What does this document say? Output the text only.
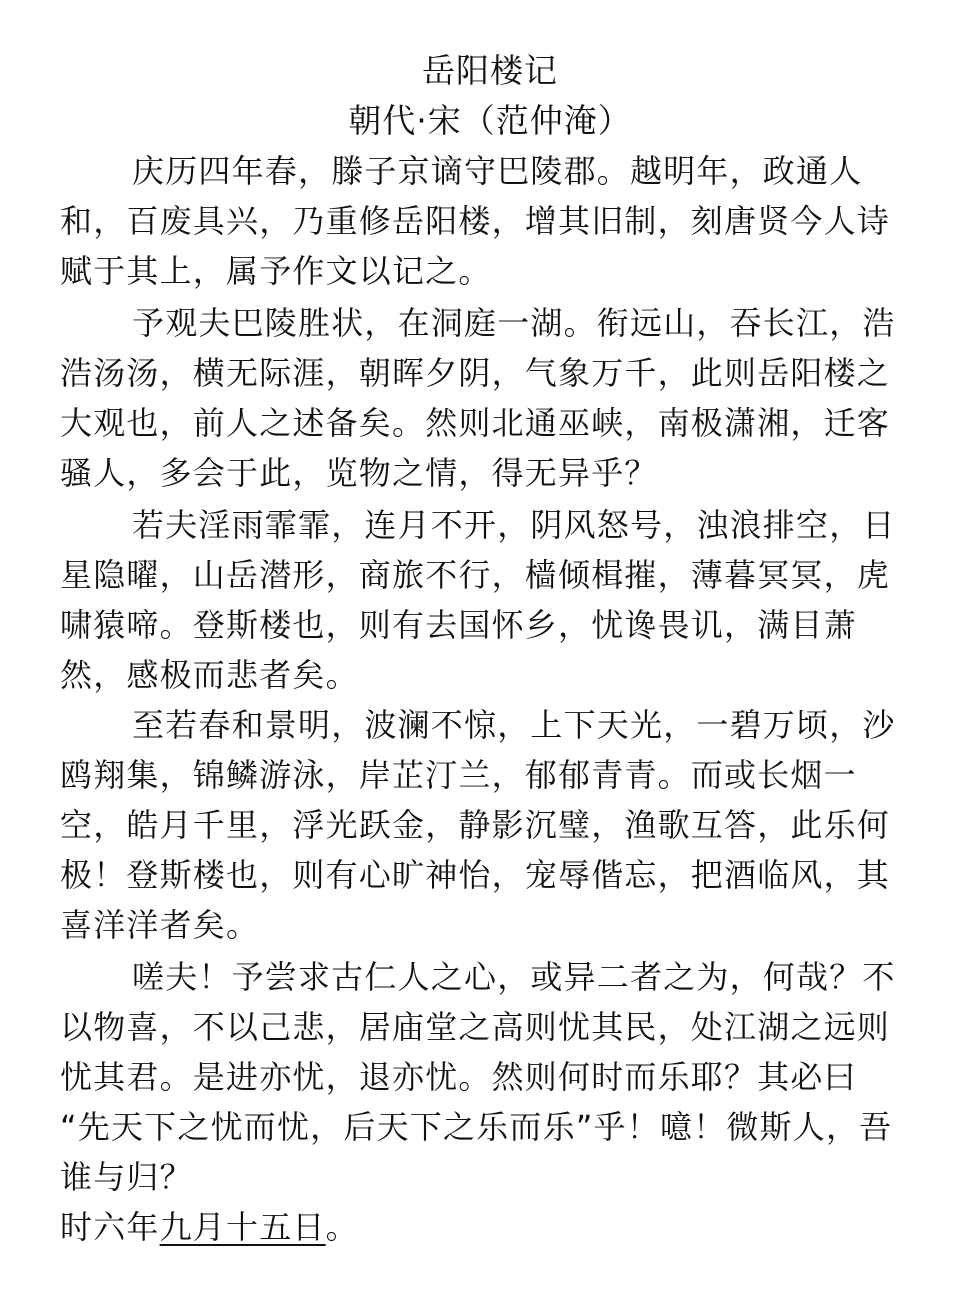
岳阳楼记
朝代·宋（范仲淹）
庆历四年春，滕子京谪守巴陵郡。越明年，政通人
和，百废具兴，乃重修岳阳楼，增其旧制，刻唐贤今人诗
赋于其上，属予作文以记之。
予观夫巴陵胜状，在洞庭一湖。衔远山，吞长江，浩
浩汤汤，横无际涯，朝晖夕阴，气象万千，此则岳阳楼之
大观也，前人之述备矣。然则北通巫峡，南极潇湘，迁客
骚人，多会于此，览物之情，得无异乎？
若夫淫雨霏霏，连月不开，阴风怒号，浊浪排空，日
星隐曜，山岳潜形，商旅不行，樯倾楫摧，薄暮冥冥，虎
啸猿啼。登斯楼也，则有去国怀乡，忧谗畏讥，满目萧
然，感极而悲者矣。
至若春和景明，波澜不惊，上下天光，一碧万顷，沙
鸥翔集，锦鳞游泳，岸芷汀兰，郁郁青青。而或长烟一
空，皓月千里，浮光跃金，静影沉璧，渔歌互答，此乐何
极！登斯楼也，则有心旷神怡，宠辱偕忘，把酒临风，其
喜洋洋者矣。
嗟夫！予尝求古仁人之心，或异二者之为，何哉？不
以物喜，不以己悲，居庙堂之高则忧其民，处江湖之远则
忧其君。是进亦忧，退亦忧。然则何时而乐耶？其必曰
“先天下之忧而忧，后天下之乐而乐”乎！噫！微斯人，吾
谁与归？
时六年九月十五日。
